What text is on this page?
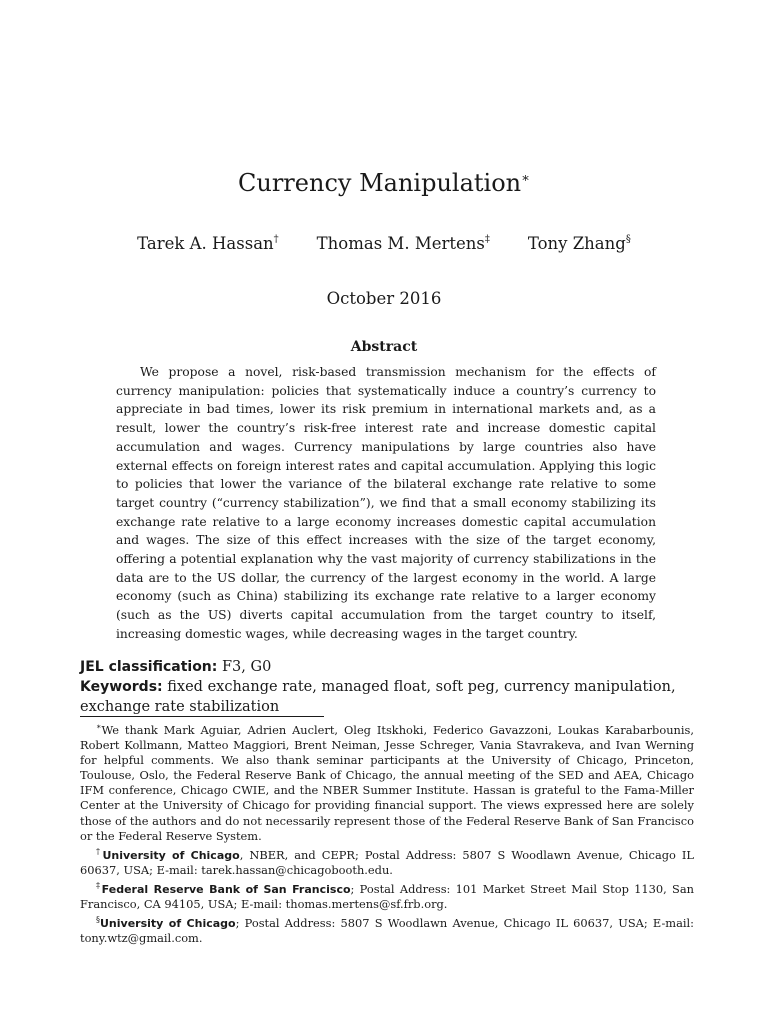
Currency Manipulation∗
Tarek A. Hassan† Thomas M. Mertens‡ Tony Zhang§
October 2016
Abstract

We propose a novel, risk-based transmission mechanism for the effects of currency manipulation: policies that systematically induce a country’s currency to appreciate in bad times, lower its risk premium in international markets and, as a result, lower the country’s risk-free interest rate and increase domestic capital accumulation and wages. Currency manipulations by large countries also have external effects on foreign interest rates and capital accumulation. Applying this logic to policies that lower the variance of the bilateral exchange rate relative to some target country (“currency stabilization”), we find that a small economy stabilizing its exchange rate relative to a large economy increases domestic capital accumulation and wages. The size of this effect increases with the size of the target economy, offering a potential explanation why the vast majority of currency stabilizations in the data are to the US dollar, the currency of the largest economy in the world. A large economy (such as China) stabilizing its exchange rate relative to a larger economy (such as the US) diverts capital accumulation from the target country to itself, increasing domestic wages, while decreasing wages in the target country.

JEL classification: F3, G0
Keywords: fixed exchange rate, managed float, soft peg, currency manipulation, exchange rate stabilization

∗We thank Mark Aguiar, Adrien Auclert, Oleg Itskhoki, Federico Gavazzoni, Loukas Karabarbounis, Robert Kollmann, Matteo Maggiori, Brent Neiman, Jesse Schreger, Vania Stavrakeva, and Ivan Werning for helpful comments. We also thank seminar participants at the University of Chicago, Princeton, Toulouse, Oslo, the Federal Reserve Bank of Chicago, the annual meeting of the SED and AEA, Chicago IFM conference, Chicago CWIE, and the NBER Summer Institute. Hassan is grateful to the Fama-Miller Center at the University of Chicago for providing financial support. The views expressed here are solely those of the authors and do not necessarily represent those of the Federal Reserve Bank of San Francisco or the Federal Reserve System.

†University of Chicago, NBER, and CEPR; Postal Address: 5807 S Woodlawn Avenue, Chicago IL 60637, USA; E-mail: tarek.hassan@chicagobooth.edu.

‡Federal Reserve Bank of San Francisco; Postal Address: 101 Market Street Mail Stop 1130, San Francisco, CA 94105, USA; E-mail: thomas.mertens@sf.frb.org.

§University of Chicago; Postal Address: 5807 S Woodlawn Avenue, Chicago IL 60637, USA; E-mail: tony.wtz@gmail.com.
